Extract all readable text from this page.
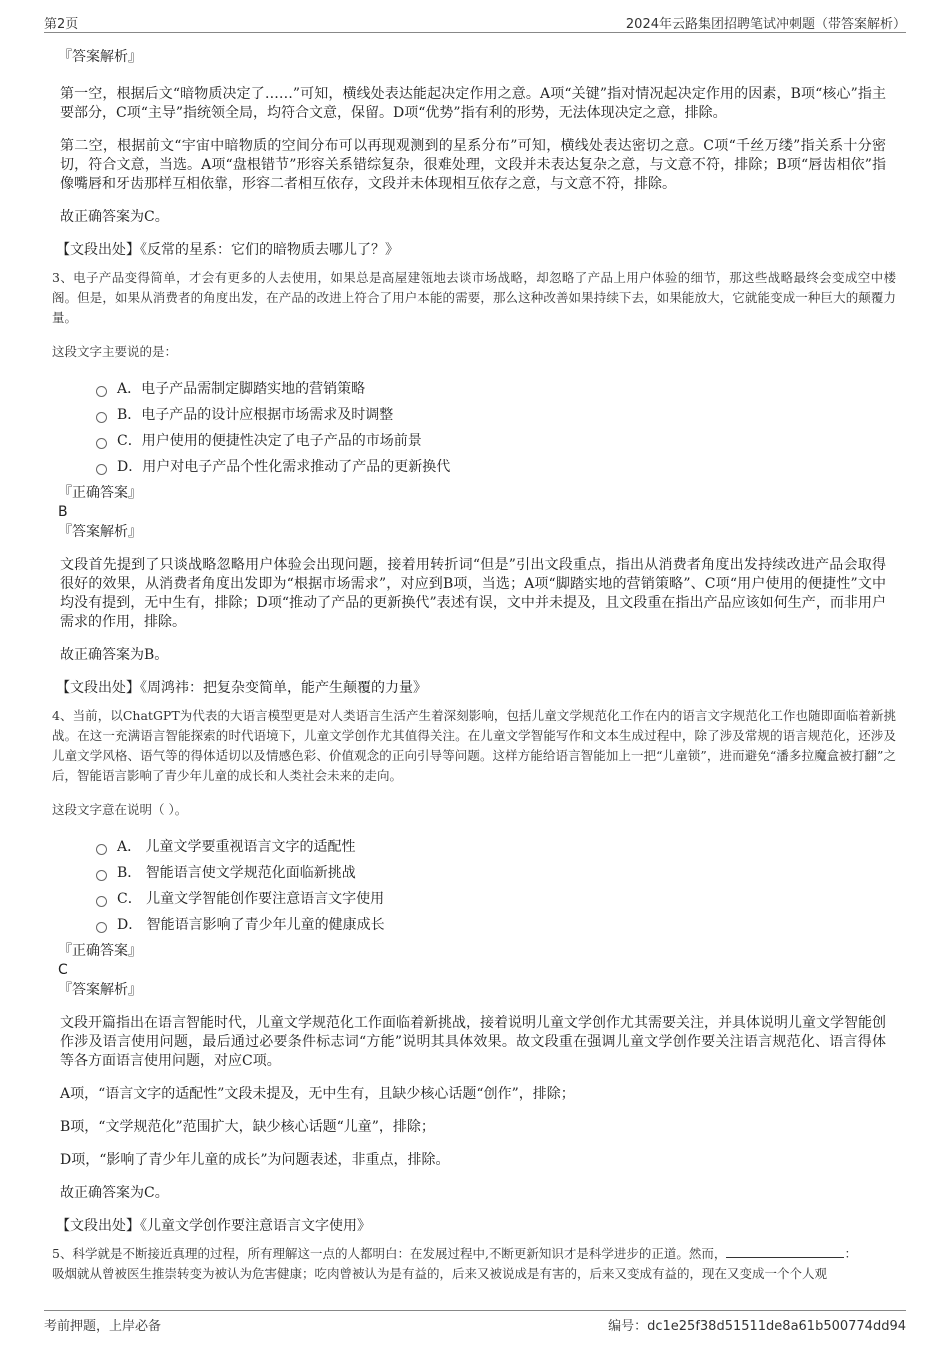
第2页	2024年云路集团招聘笔试冲刺题（带答案解析）
『答案解析』

第一空，根据后文“暗物质决定了……”可知，横线处表达能起决定作用之意。A项“关键”指对情况起决定作用的因素，B项“核心”指主要部分，C项“主导”指统领全局，均符合文意，保留。D项“优势”指有利的形势，无法体现决定之意，排除。

第二空，根据前文“宇宙中暗物质的空间分布可以再现观测到的星系分布”可知，横线处表达密切之意。C项“千丝万缕”指关系十分密切，符合文意，当选。A项“盘根错节”形容关系错综复杂，很难处理，文段并未表达复杂之意，与文意不符，排除；B项“唇齿相依”指像嘴唇和牙齿那样互相依靠，形容二者相互依存，文段并未体现相互依存之意，与文意不符，排除。

故正确答案为C。

【文段出处】《反常的星系：它们的暗物质去哪儿了？》

3、电子产品变得简单，才会有更多的人去使用，如果总是高屋建瓴地去谈市场战略，却忽略了产品上用户体验的细节，那这些战略最终会变成空中楼阁。但是，如果从消费者的角度出发，在产品的改进上符合了用户本能的需要，那么这种改善如果持续下去，如果能放大，它就能变成一种巨大的颠覆力量。

这段文字主要说的是：

A．电子产品需制定脚踏实地的营销策略
B．电子产品的设计应根据市场需求及时调整
C．用户使用的便捷性决定了电子产品的市场前景
D．用户对电子产品个性化需求推动了产品的更新换代
『正确答案』
B
『答案解析』

文段首先提到了只谈战略忽略用户体验会出现问题，接着用转折词“但是”引出文段重点，指出从消费者角度出发持续改进产品会取得很好的效果，从消费者角度出发即为“根据市场需求”，对应到B项，当选；A项“脚踏实地的营销策略”、C项“用户使用的便捷性”文中均没有提到，无中生有，排除；D项“推动了产品的更新换代”表述有误，文中并未提及，且文段重在指出产品应该如何生产，而非用户需求的作用，排除。

故正确答案为B。

【文段出处】《周鸿祎：把复杂变简单，能产生颠覆的力量》

4、当前，以ChatGPT为代表的大语言模型更是对人类语言生活产生着深刻影响，包括儿童文学规范化工作在内的语言文字规范化工作也随即面临着新挑战。在这一充满语言智能探索的时代语境下，儿童文学创作尤其值得关注。在儿童文学智能写作和文本生成过程中，除了涉及常规的语言规范化，还涉及儿童文学风格、语气等的得体适切以及情感色彩、价值观念的正向引导等问题。这样方能给语言智能加上一把“儿童锁”，进而避免“潘多拉魔盒被打翻”之后，智能语言影响了青少年儿童的成长和人类社会未来的走向。

这段文字意在说明（ ）。

A． 儿童文学要重视语言文字的适配性
B． 智能语言使文学规范化面临新挑战
C． 儿童文学智能创作要注意语言文字使用
D． 智能语言影响了青少年儿童的健康成长
『正确答案』
C
『答案解析』

文段开篇指出在语言智能时代，儿童文学规范化工作面临着新挑战，接着说明儿童文学创作尤其需要关注，并具体说明儿童文学智能创作涉及语言使用问题，最后通过必要条件标志词“方能”说明其具体效果。故文段重在强调儿童文学创作要关注语言规范化、语言得体等各方面语言使用问题，对应C项。

A项，“语言文字的适配性”文段未提及，无中生有，且缺少核心话题“创作”，排除；

B项，“文学规范化”范围扩大，缺少核心话题“儿童”，排除；

D项，“影响了青少年儿童的成长”为问题表述，非重点，排除。

故正确答案为C。

【文段出处】《儿童文学创作要注意语言文字使用》

5、科学就是不断接近真理的过程，所有理解这一点的人都明白：在发展过程中,不断更新知识才是科学进步的正道。然而，	：
吸烟就从曾被医生推崇转变为被认为危害健康；吃肉曾被认为是有益的，后来又被说成是有害的，后来又变成有益的，现在又变成一个个人观

考前押题，上岸必备	编号：dc1e25f38d51511de8a61b500774dd94
